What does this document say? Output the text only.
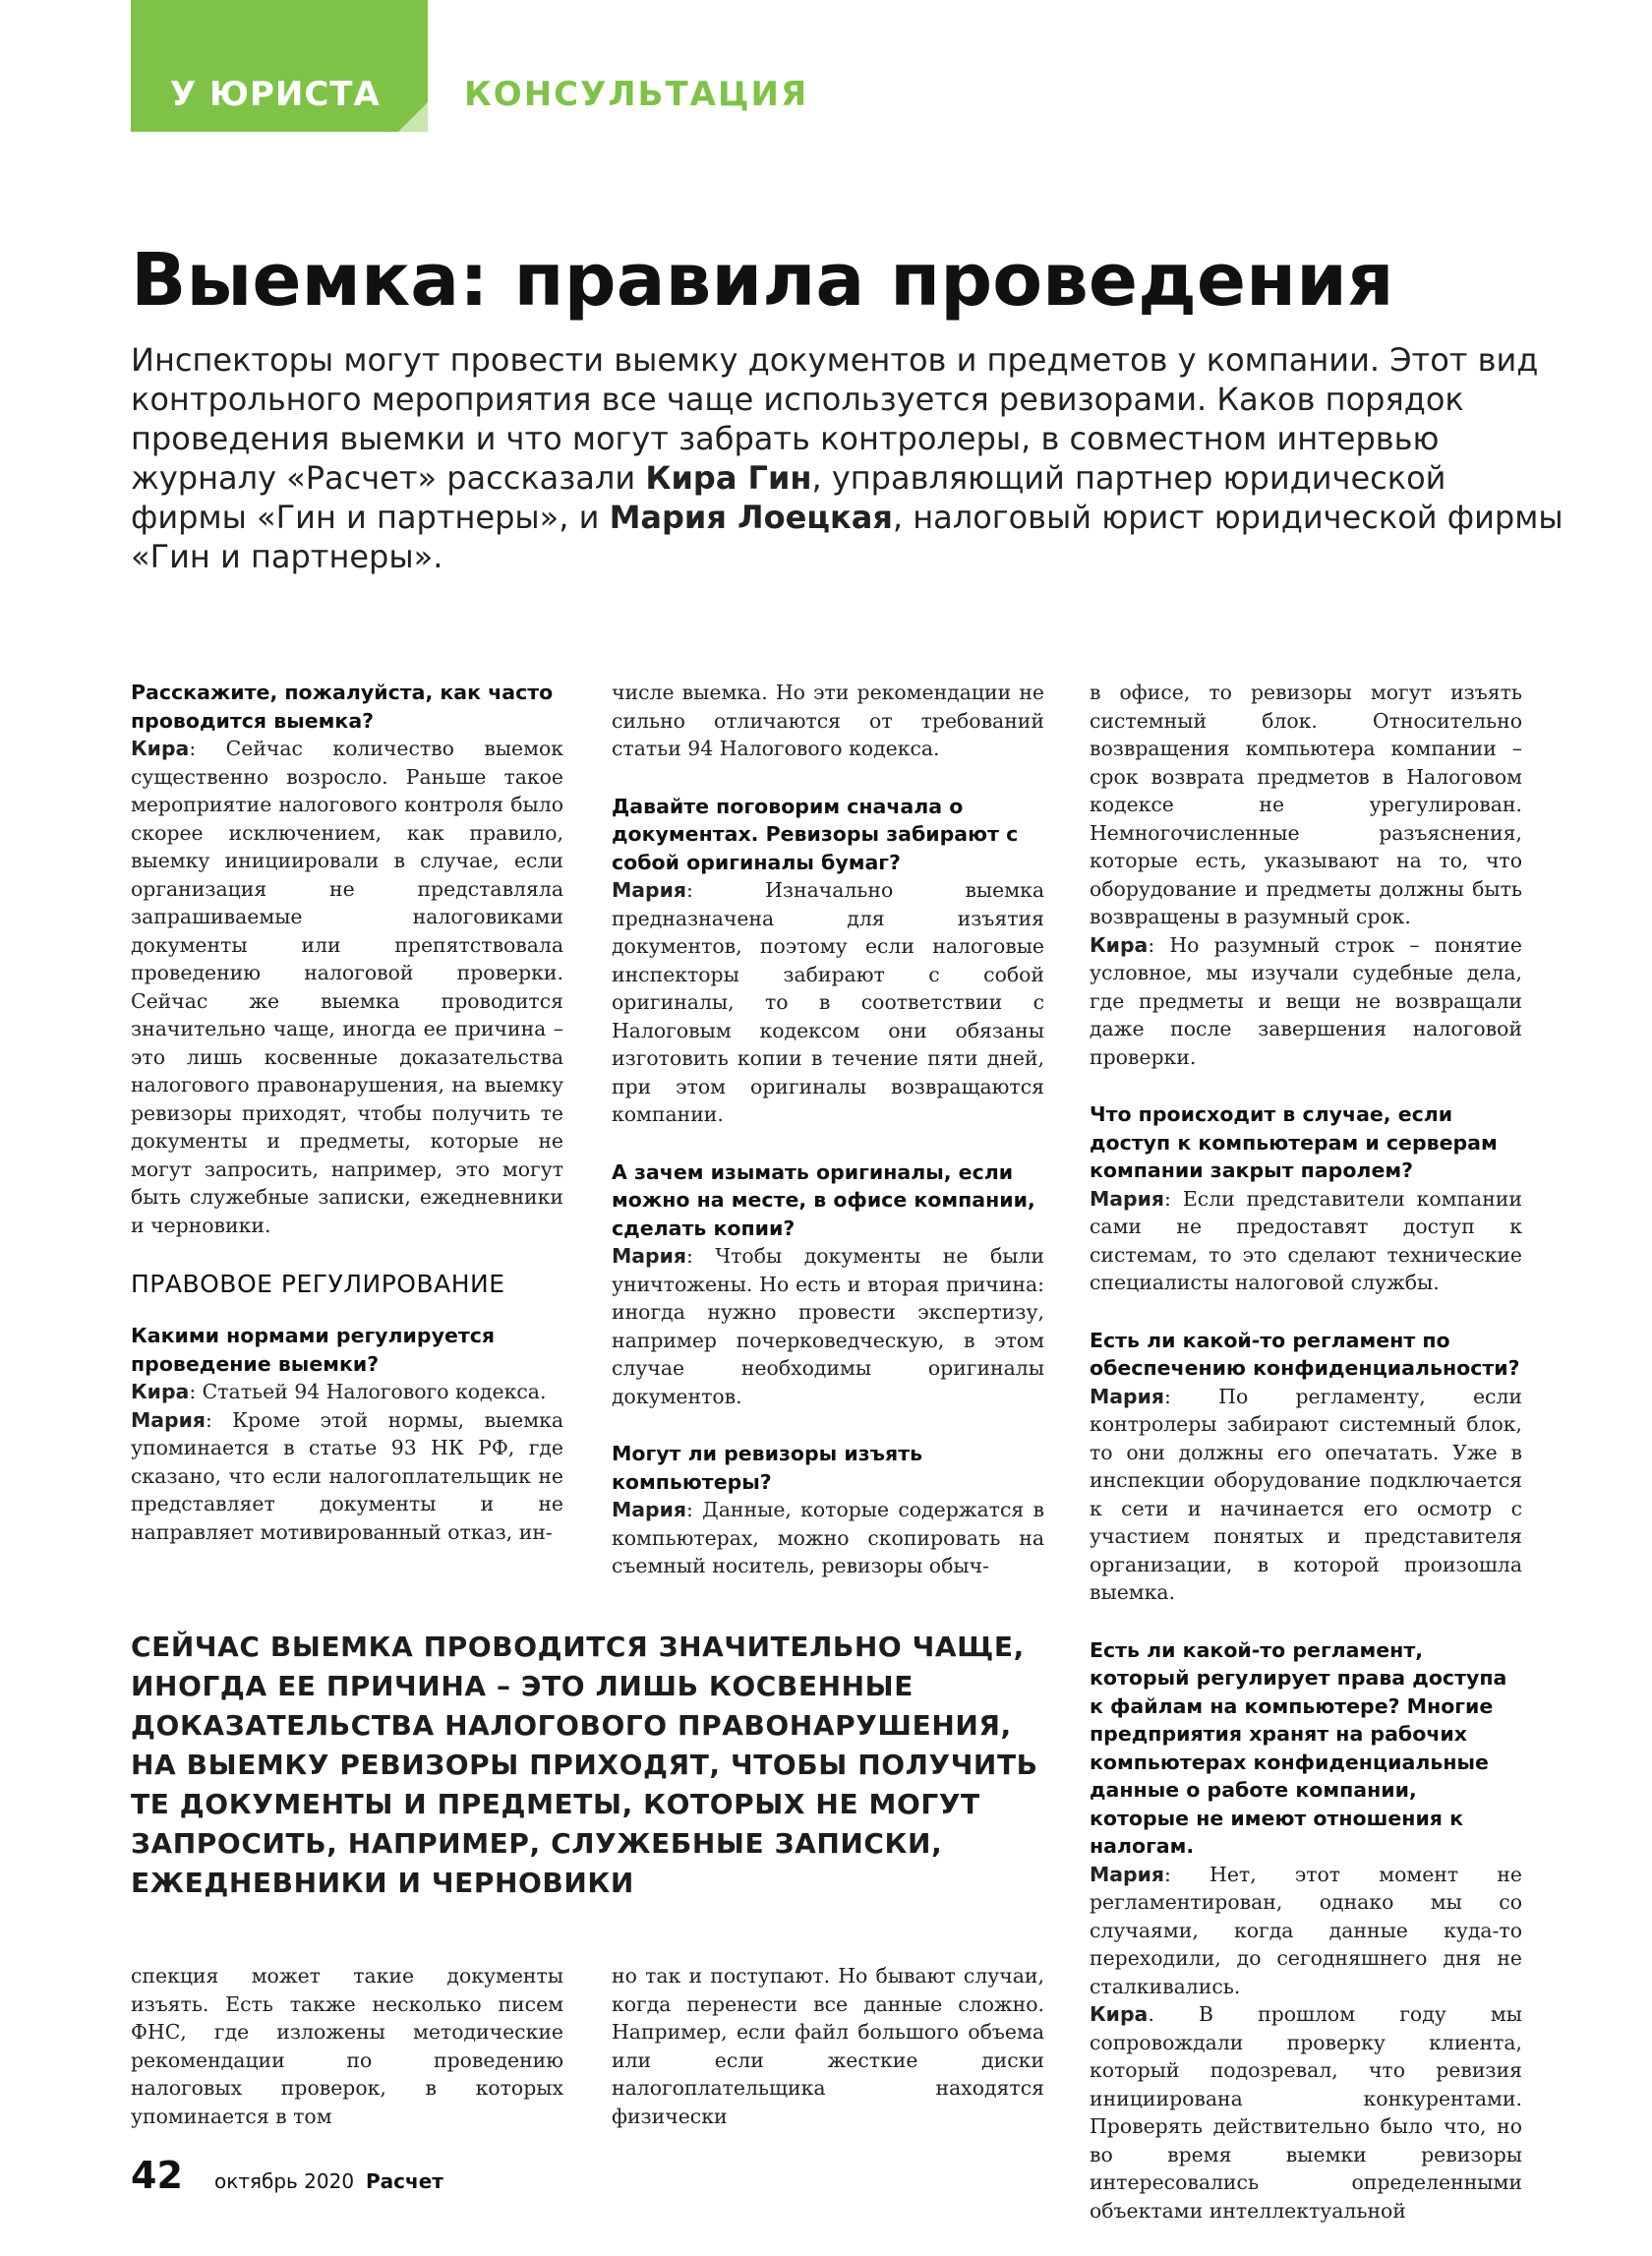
У ЮРИСТА	КОНСУЛЬТАЦИЯ
Выемка: правила проведения
Инспекторы могут провести выемку документов и предметов у компании. Этот вид контрольного мероприятия все чаще используется ревизорами. Каков порядок проведения выемки и что могут забрать контролеры, в совместном интервью журналу «Расчет» рассказали Кира Гин, управляющий партнер юридической фирмы «Гин и партнеры», и Мария Лоецкая, налоговый юрист юридической фирмы «Гин и партнеры».
Расскажите, пожалуйста, как часто проводится выемка?

Кира: Сейчас количество выемок существенно возросло. Раньше такое мероприятие налогового контроля было скорее исключением, как правило, выемку инициировали в случае, если организация не представляла запрашиваемые налоговиками документы или препятствовала проведению налоговой проверки. Сейчас же выемка проводится значительно чаще, иногда ее причина – это лишь косвенные доказательства налогового правонарушения, на выемку ревизоры приходят, чтобы получить те документы и предметы, которые не могут запросить, например, это могут быть служебные записки, ежедневники и черновики.

ПРАВОВОЕ РЕГУЛИРОВАНИЕ

Какими нормами регулируется проведение выемки?

Кира: Статьей 94 Налогового кодекса.

Мария: Кроме этой нормы, выемка упоминается в статье 93 НК РФ, где сказано, что если налогоплательщик не представляет документы и не направляет мотивированный отказ, ин-

числе выемка. Но эти рекомендации не сильно отличаются от требований статьи 94 Налогового кодекса.

Давайте поговорим сначала о документах. Ревизоры забирают с собой оригиналы бумаг?

Мария: Изначально выемка предназначена для изъятия документов, поэтому если налоговые инспекторы забирают с собой оригиналы, то в соответствии с Налоговым кодексом они обязаны изготовить копии в течение пяти дней, при этом оригиналы возвращаются компании.

А зачем изымать оригиналы, если можно на месте, в офисе компании, сделать копии?

Мария: Чтобы документы не были уничтожены. Но есть и вторая причина: иногда нужно провести экспертизу, например почерковедческую, в этом случае необходимы оригиналы документов.

Могут ли ревизоры изъять компьютеры?

Мария: Данные, которые содержатся в компьютерах, можно скопировать на съемный носитель, ревизоры обыч-

в офисе, то ревизоры могут изъять системный блок. Относительно возвращения компьютера компании – срок возврата предметов в Налоговом кодексе не урегулирован. Немногочисленные разъяснения, которые есть, указывают на то, что оборудование и предметы должны быть возвращены в разумный срок.

Кира: Но разумный строк – понятие условное, мы изучали судебные дела, где предметы и вещи не возвращали даже после завершения налоговой проверки.

Что происходит в случае, если доступ к компьютерам и серверам компании закрыт паролем?

Мария: Если представители компании сами не предоставят доступ к системам, то это сделают технические специалисты налоговой службы.

Есть ли какой-то регламент по обеспечению конфиденциальности?

Мария: По регламенту, если контролеры забирают системный блок, то они должны его опечатать. Уже в инспекции оборудование подключается к сети и начинается его осмотр с участием понятых и представителя организации, в которой произошла выемка.

Есть ли какой-то регламент, который регулирует права доступа к файлам на компьютере? Многие предприятия хранят на рабочих компьютерах конфиденциальные данные о работе компании, которые не имеют отношения к налогам.

Мария: Нет, этот момент не регламентирован, однако мы со случаями, когда данные куда-то переходили, до сегодняшнего дня не сталкивались.

Кира. В прошлом году мы сопровождали проверку клиента, который подозревал, что ревизия инициирована конкурентами. Проверять действительно было что, но во время выемки ревизоры интересовались определенными объектами интеллектуальной

СЕЙЧАС ВЫЕМКА ПРОВОДИТСЯ ЗНАЧИТЕЛЬНО ЧАЩЕ, ИНОГДА ЕЕ ПРИЧИНА – ЭТО ЛИШЬ КОСВЕННЫЕ ДОКАЗАТЕЛЬСТВА НАЛОГОВОГО ПРАВОНАРУШЕНИЯ, НА ВЫЕМКУ РЕВИЗОРЫ ПРИХОДЯТ, ЧТОБЫ ПОЛУЧИТЬ ТЕ ДОКУМЕНТЫ И ПРЕДМЕТЫ, КОТОРЫХ НЕ МОГУТ ЗАПРОСИТЬ, НАПРИМЕР, СЛУЖЕБНЫЕ ЗАПИСКИ, ЕЖЕДНЕВНИКИ И ЧЕРНОВИКИ

спекция может такие документы изъять. Есть также несколько писем ФНС, где изложены методические рекомендации по проведению налоговых проверок, в которых упоминается в том

но так и поступают. Но бывают случаи, когда перенести все данные сложно. Например, если файл большого объема или если жесткие диски налогоплательщика находятся физически

42 октябрь 2020 Расчет
